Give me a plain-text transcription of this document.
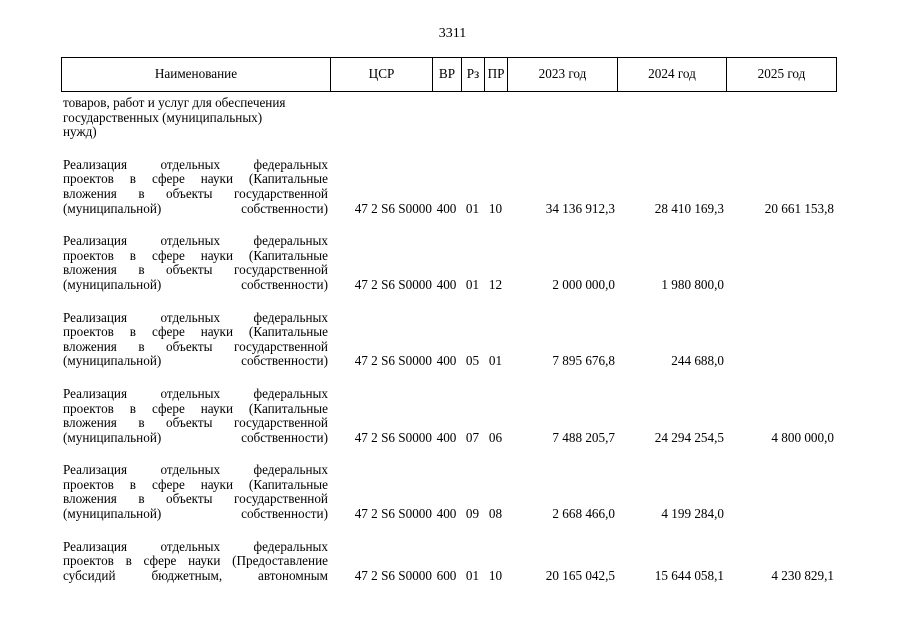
3311
Наименование	ЦСР	ВР	Рз	ПР	2023 год	2024 год	2025 год
товаров, работ и услуг для обеспечения
государственных (муниципальных)
нужд)							

Реализация отдельных федеральных
проектов в сфере науки (Капитальные
вложения в объекты государственной
(муниципальной) собственности)	47 2 S6 S0000	400	01	10	34 136 912,3	28 410 169,3	20 661 153,8

Реализация отдельных федеральных
проектов в сфере науки (Капитальные
вложения в объекты государственной
(муниципальной) собственности)	47 2 S6 S0000	400	01	12	2 000 000,0	1 980 800,0	

Реализация отдельных федеральных
проектов в сфере науки (Капитальные
вложения в объекты государственной
(муниципальной) собственности)	47 2 S6 S0000	400	05	01	7 895 676,8	244 688,0	

Реализация отдельных федеральных
проектов в сфере науки (Капитальные
вложения в объекты государственной
(муниципальной) собственности)	47 2 S6 S0000	400	07	06	7 488 205,7	24 294 254,5	4 800 000,0

Реализация отдельных федеральных
проектов в сфере науки (Капитальные
вложения в объекты государственной
(муниципальной) собственности)	47 2 S6 S0000	400	09	08	2 668 466,0	4 199 284,0	

Реализация отдельных федеральных
проектов в сфере науки (Предоставление
субсидий бюджетным, автономным	47 2 S6 S0000	600	01	10	20 165 042,5	15 644 058,1	4 230 829,1
